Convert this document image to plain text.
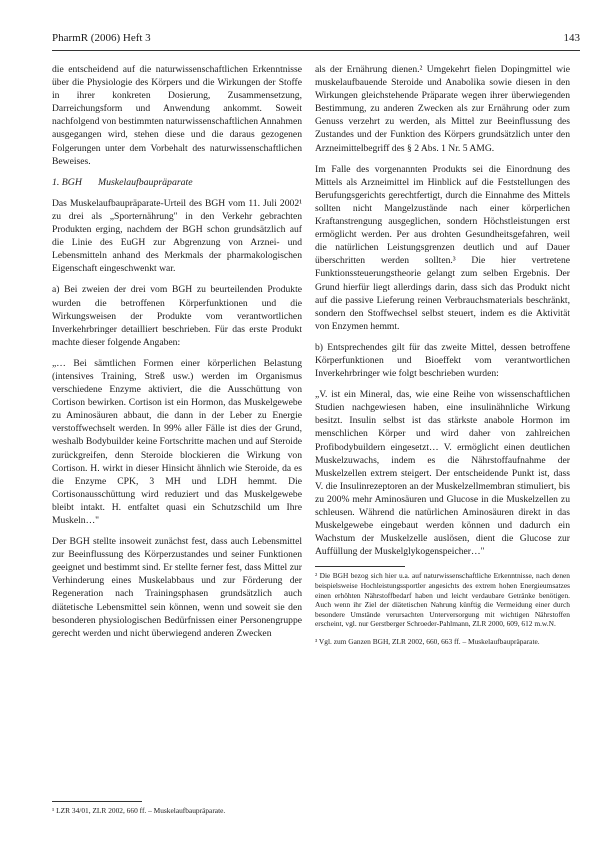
PharmR (2006) Heft 3	143

die entscheidend auf die naturwissenschaftlichen Erkenntnisse über die Physiologie des Körpers und die Wirkungen der Stoffe in ihrer konkreten Dosierung, Zusammensetzung, Darreichungsform und Anwendung ankommt. Soweit nachfolgend von bestimmten naturwissenschaftlichen Annahmen ausgegangen wird, stehen diese und die daraus gezogenen Folgerungen unter dem Vorbehalt des naturwissenschaftlichen Beweises.

1. BGH Muskelaufbaupräparate

Das Muskelaufbaupräparate-Urteil des BGH vom 11. Juli 2002¹ zu drei als „Sporternährung" in den Verkehr gebrachten Produkten erging, nachdem der BGH schon grundsätzlich auf die Linie des EuGH zur Abgrenzung von Arznei- und Lebensmitteln anhand des Merkmals der pharmakologischen Eigenschaft eingeschwenkt war.

a) Bei zweien der drei vom BGH zu beurteilenden Produkte wurden die betroffenen Körperfunktionen und die Wirkungsweisen der Produkte vom verantwortlichen Inverkehrbringer detailliert beschrieben. Für das erste Produkt machte dieser folgende Angaben:

„… Bei sämtlichen Formen einer körperlichen Belastung (intensives Training, Streß usw.) werden im Organismus verschiedene Enzyme aktiviert, die die Ausschüttung von Cortison bewirken. Cortison ist ein Hormon, das Muskelgewebe zu Aminosäuren abbaut, die dann in der Leber zu Energie verstoffwechselt werden. In 99% aller Fälle ist dies der Grund, weshalb Bodybuilder keine Fortschritte machen und auf Steroide zurückgreifen, denn Steroide blockieren die Wirkung von Cortison. H. wirkt in dieser Hinsicht ähnlich wie Steroide, da es die Enzyme CPK, 3 MH und LDH hemmt. Die Cortisonausschüttung wird reduziert und das Muskelgewebe bleibt intakt. H. entfaltet quasi ein Schutzschild um Ihre Muskeln…"

Der BGH stellte insoweit zunächst fest, dass auch Lebensmittel zur Beeinflussung des Körperzustandes und seiner Funktionen geeignet und bestimmt sind. Er stellte ferner fest, dass Mittel zur Verhinderung eines Muskelabbaus und zur Förderung der Regeneration nach Trainingsphasen grundsätzlich auch diätetische Lebensmittel sein können, wenn und soweit sie den besonderen physiologischen Bedürfnissen einer Personengruppe gerecht werden und nicht überwiegend anderen Zwecken

¹ LZR 34/01, ZLR 2002, 660 ff. – Muskelaufbaupräparate.

als der Ernährung dienen.² Umgekehrt fielen Dopingmittel wie muskelaufbauende Steroide und Anabolika sowie diesen in den Wirkungen gleichstehende Präparate wegen ihrer überwiegenden Bestimmung, zu anderen Zwecken als zur Ernährung oder zum Genuss verzehrt zu werden, als Mittel zur Beeinflussung des Zustandes und der Funktion des Körpers grundsätzlich unter den Arzneimittelbegriff des § 2 Abs. 1 Nr. 5 AMG.

Im Falle des vorgenannten Produkts sei die Einordnung des Mittels als Arzneimittel im Hinblick auf die Feststellungen des Berufungsgerichts gerechtfertigt, durch die Einnahme des Mittels sollten nicht Mangelzustände nach einer körperlichen Kraftanstrengung ausgeglichen, sondern Höchstleistungen erst ermöglicht werden. Per aus drohten Gesundheitsgefahren, weil die natürlichen Leistungsgrenzen deutlich und auf Dauer überschritten werden sollten.³ Die hier vertretene Funktionssteuerungstheorie gelangt zum selben Ergebnis. Der Grund hierfür liegt allerdings darin, dass sich das Produkt nicht auf die passive Lieferung reinen Verbrauchsmaterials beschränkt, sondern den Stoffwechsel selbst steuert, indem es die Aktivität von Enzymen hemmt.

b) Entsprechendes gilt für das zweite Mittel, dessen betroffene Körperfunktionen und Bioeffekt vom verantwortlichen Inverkehrbringer wie folgt beschrieben wurden:

„V. ist ein Mineral, das, wie eine Reihe von wissenschaftlichen Studien nachgewiesen haben, eine insulinähnliche Wirkung besitzt. Insulin selbst ist das stärkste anabole Hormon im menschlichen Körper und wird daher von zahlreichen Profibodybuildern eingesetzt… V. ermöglicht einen deutlichen Muskelzuwachs, indem es die Nährstoffaufnahme der Muskelzellen extrem steigert. Der entscheidende Punkt ist, dass V. die Insulinrezeptoren an der Muskelzellmembran stimuliert, bis zu 200% mehr Aminosäuren und Glucose in die Muskelzellen zu schleusen. Während die natürlichen Aminosäuren direkt in das Muskelgewebe eingebaut werden können und dadurch ein Wachstum der Muskelzelle auslösen, dient die Glucose zur Auffüllung der Muskelglykogenspeicher…"

² Die BGH bezog sich hier u.a. auf naturwissenschaftliche Erkenntnisse, nach denen beispielsweise Hochleistungssportler angesichts des extrem hohen Energieumsatzes einen erhöhten Nährstoffbedarf haben und leicht verdaubare Getränke benötigen. Auch wenn ihr Ziel der diätetischen Nahrung künftig die Vermeidung einer durch besondere Umstände verursachten Unterversorgung mit wichtigen Nährstoffen erscheint, vgl. nur Gerstberger Schroeder-Pahlmann, ZLR 2000, 609, 612 m.w.N.

³ Vgl. zum Ganzen BGH, ZLR 2002, 660, 663 ff. – Muskelaufbaupräparate.
